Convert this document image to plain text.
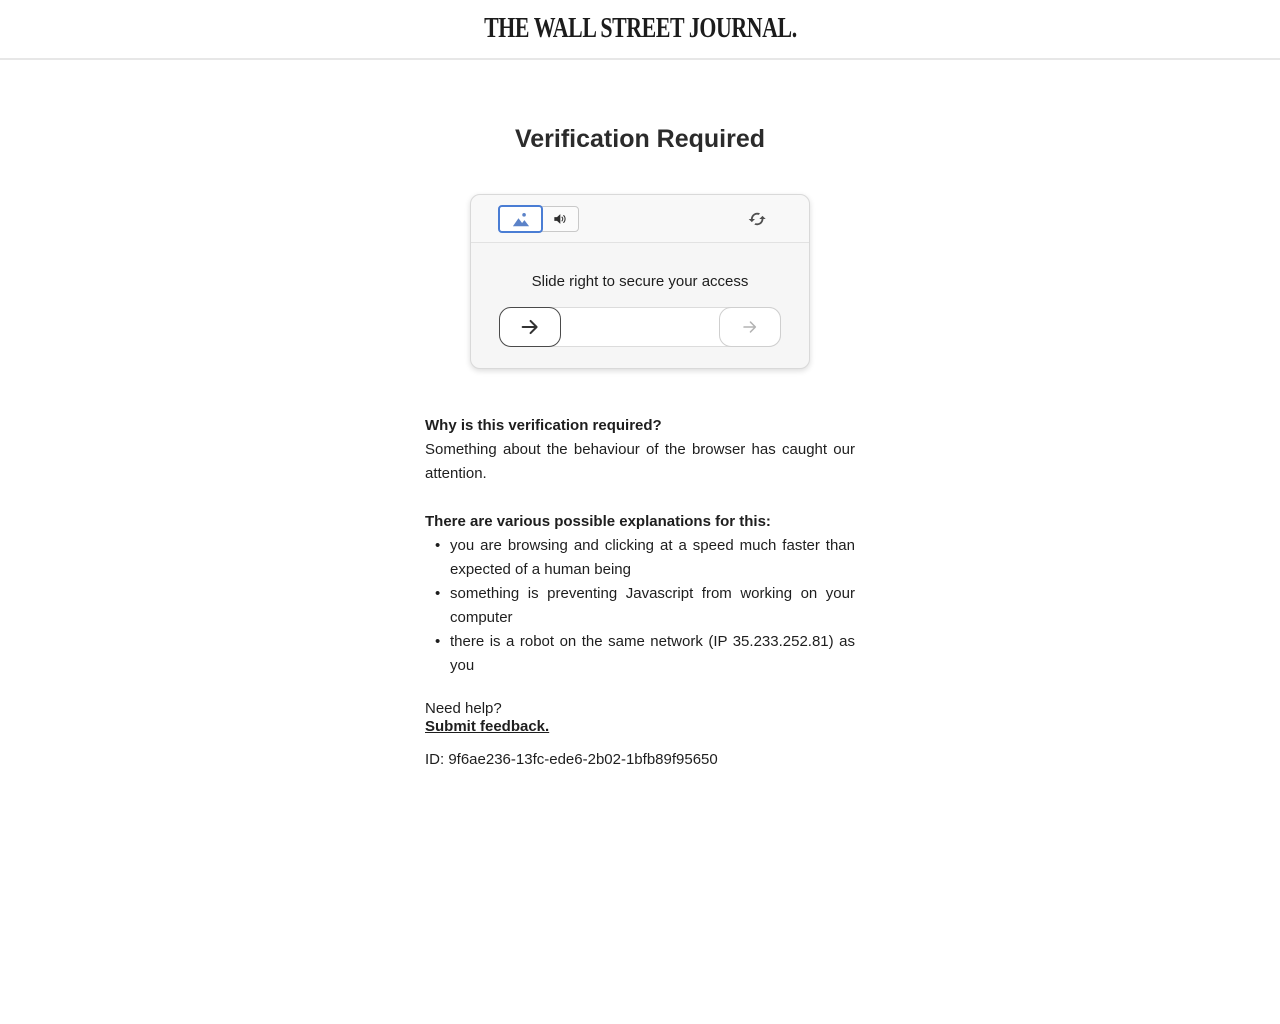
THE WALL STREET JOURNAL.
Verification Required
Slide right to secure your access
Why is this verification required?

Something about the behaviour of the browser has caught our attention.

There are various possible explanations for this:
• you are browsing and clicking at a speed much faster than expected of a human being
• something is preventing Javascript from working on your computer
• there is a robot on the same network (IP 35.233.252.81) as you

Need help?
Submit feedback.

ID: 9f6ae236-13fc-ede6-2b02-1bfb89f95650
